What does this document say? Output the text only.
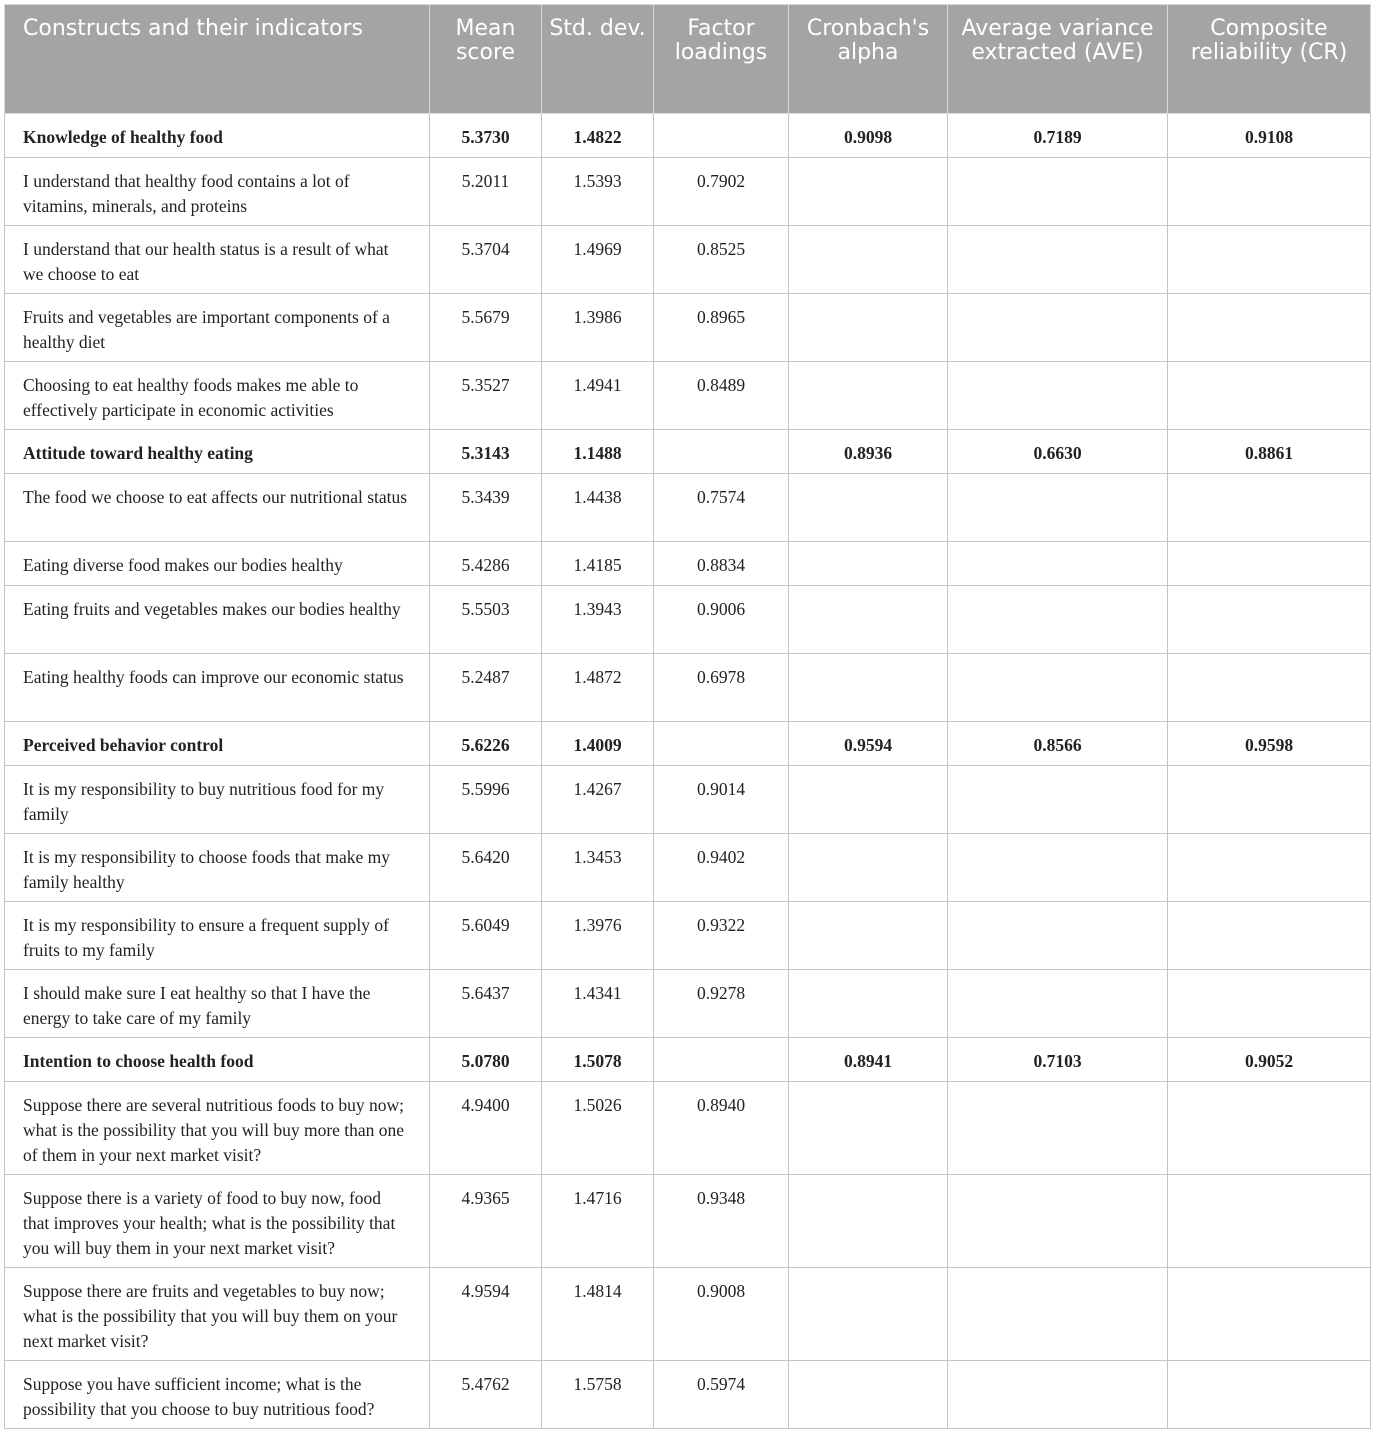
Constructs and their indicators	Mean score	Std. dev.	Factor loadings	Cronbach's alpha	Average variance extracted (AVE)	Composite reliability (CR)
Knowledge of healthy food	5.3730	1.4822		0.9098	0.7189	0.9108
I understand that healthy food contains a lot of vitamins, minerals, and proteins	5.2011	1.5393	0.7902			
I understand that our health status is a result of what we choose to eat	5.3704	1.4969	0.8525			
Fruits and vegetables are important components of a healthy diet	5.5679	1.3986	0.8965			
Choosing to eat healthy foods makes me able to effectively participate in economic activities	5.3527	1.4941	0.8489			
Attitude toward healthy eating	5.3143	1.1488		0.8936	0.6630	0.8861
The food we choose to eat affects our nutritional status	5.3439	1.4438	0.7574			
Eating diverse food makes our bodies healthy	5.4286	1.4185	0.8834			
Eating fruits and vegetables makes our bodies healthy	5.5503	1.3943	0.9006			
Eating healthy foods can improve our economic status	5.2487	1.4872	0.6978			
Perceived behavior control	5.6226	1.4009		0.9594	0.8566	0.9598
It is my responsibility to buy nutritious food for my family	5.5996	1.4267	0.9014			
It is my responsibility to choose foods that make my family healthy	5.6420	1.3453	0.9402			
It is my responsibility to ensure a frequent supply of fruits to my family	5.6049	1.3976	0.9322			
I should make sure I eat healthy so that I have the energy to take care of my family	5.6437	1.4341	0.9278			
Intention to choose health food	5.0780	1.5078		0.8941	0.7103	0.9052
Suppose there are several nutritious foods to buy now; what is the possibility that you will buy more than one of them in your next market visit?	4.9400	1.5026	0.8940			
Suppose there is a variety of food to buy now, food that improves your health; what is the possibility that you will buy them in your next market visit?	4.9365	1.4716	0.9348			
Suppose there are fruits and vegetables to buy now; what is the possibility that you will buy them on your next market visit?	4.9594	1.4814	0.9008			
Suppose you have sufficient income; what is the possibility that you choose to buy nutritious food?	5.4762	1.5758	0.5974			
